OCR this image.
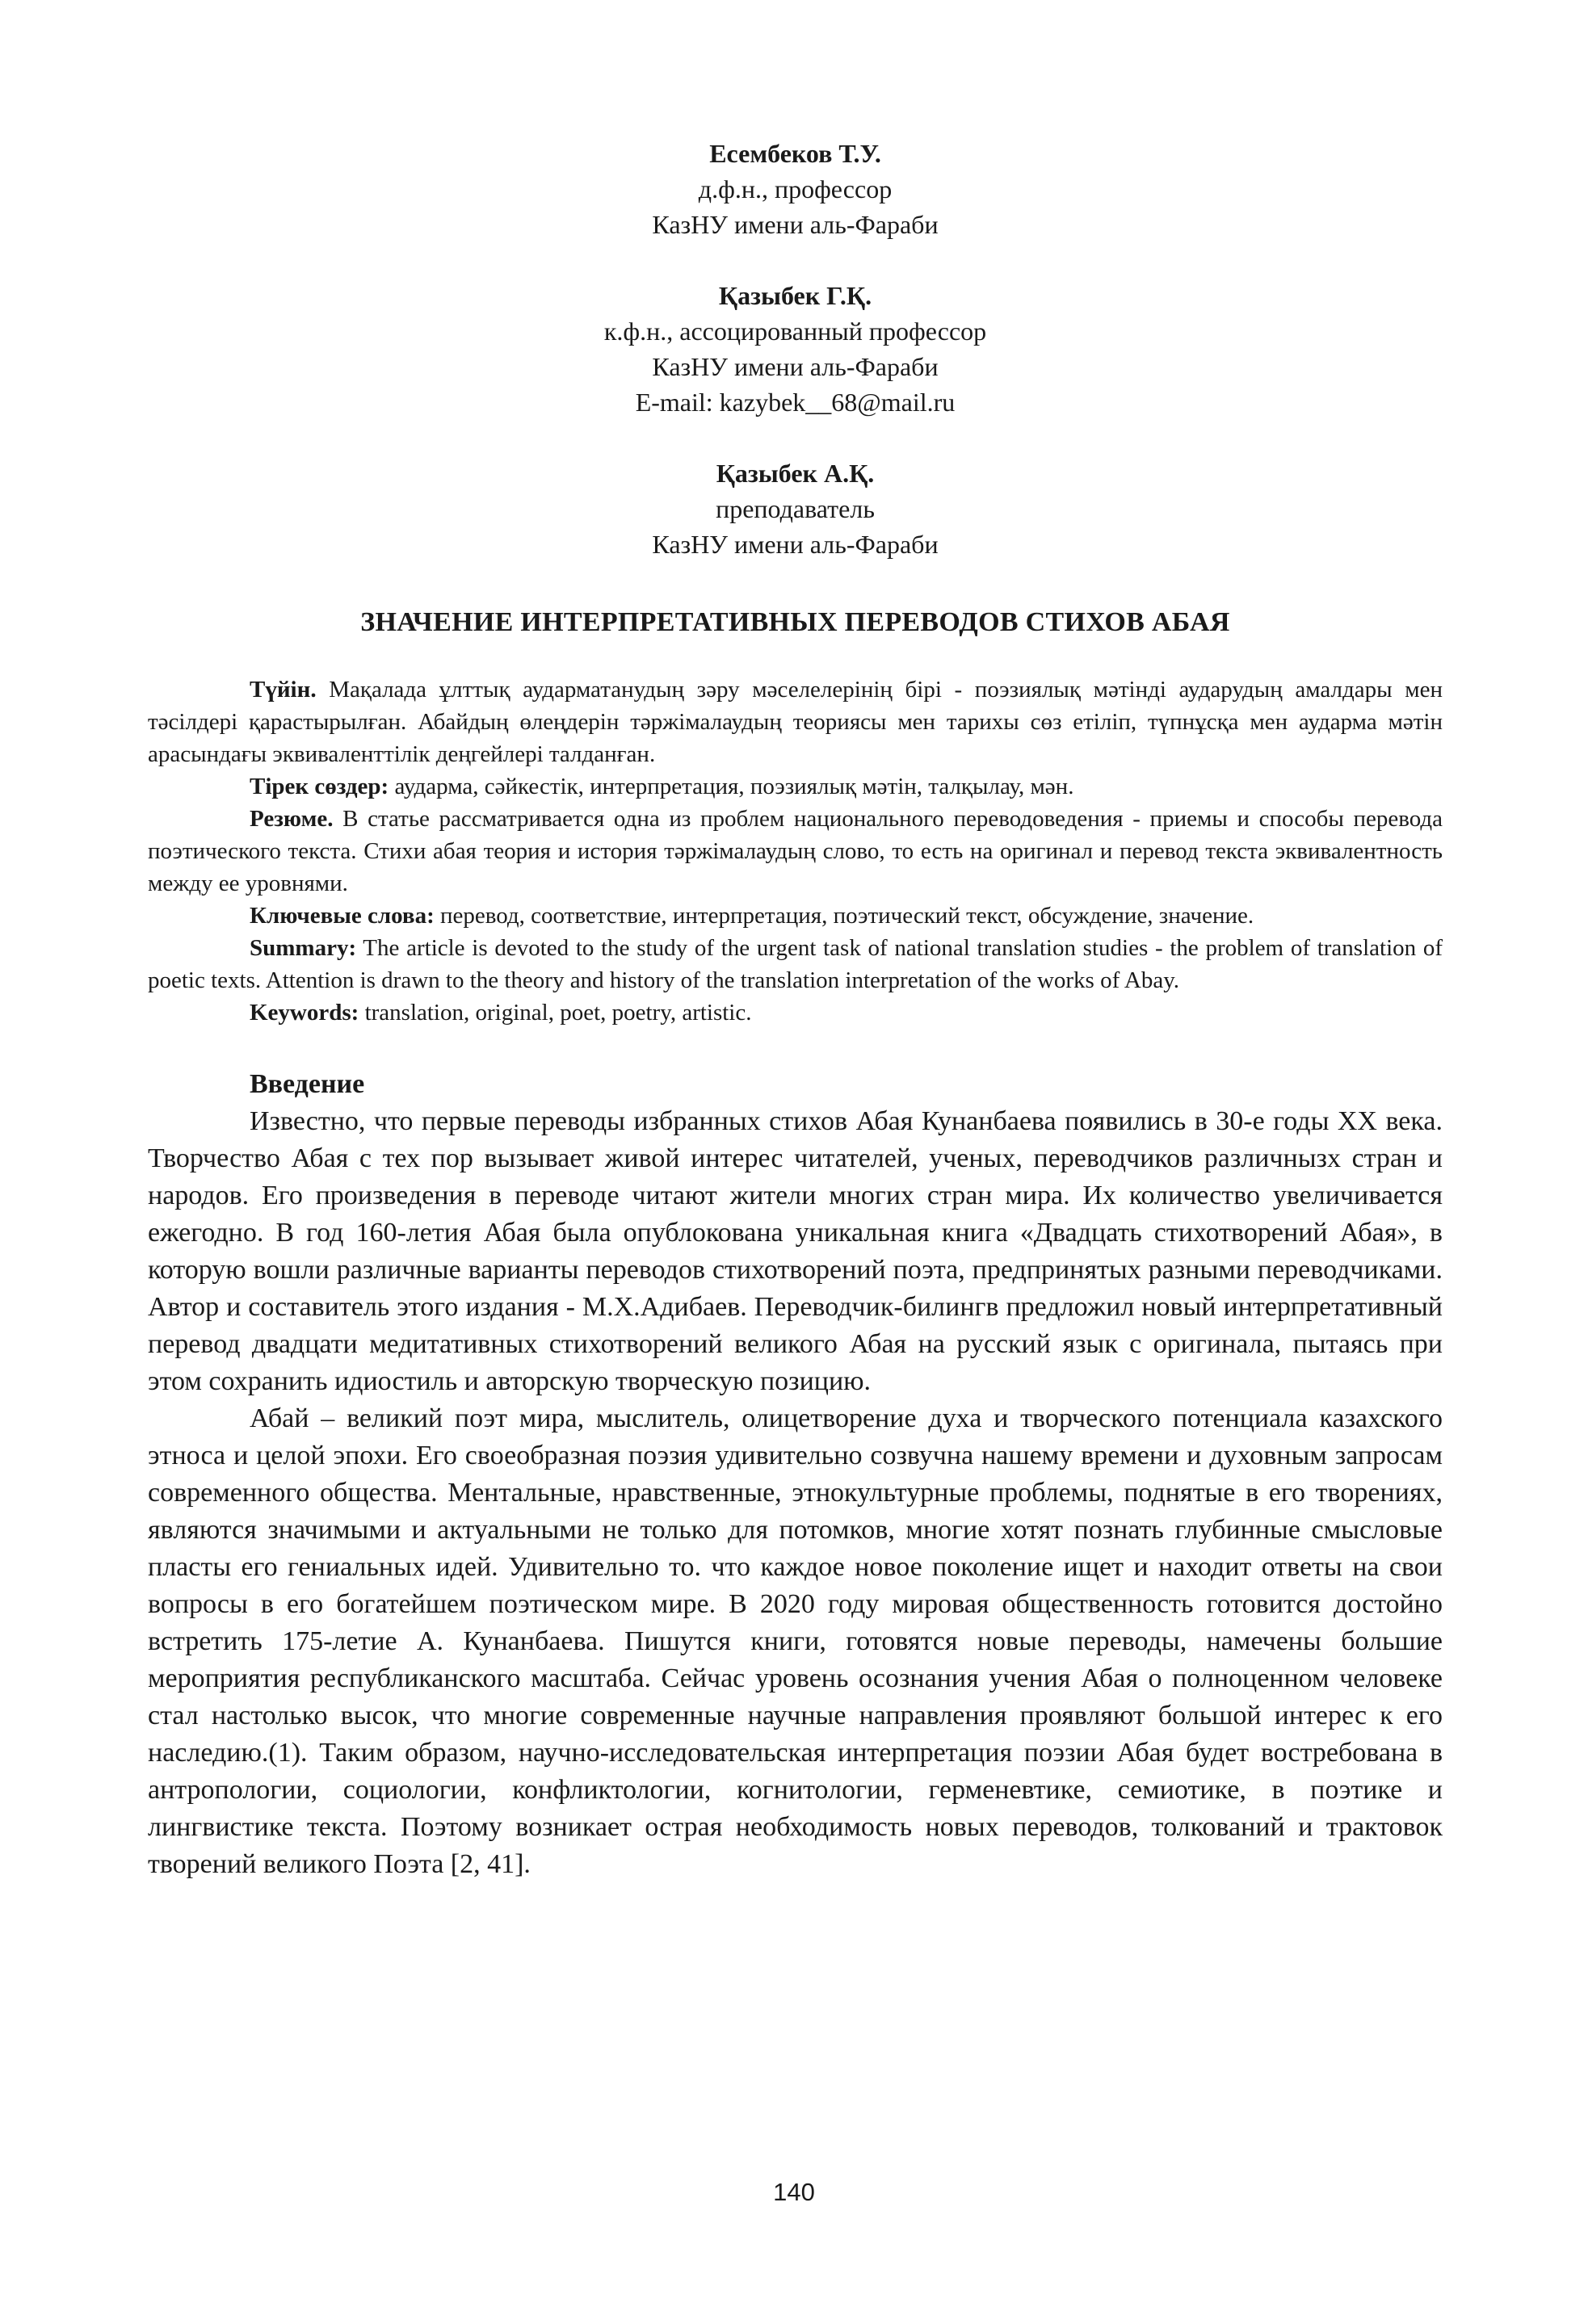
Есембеков Т.У.
д.ф.н., профессор
КазНУ имени аль-Фараби
Қазыбек Г.Қ.
к.ф.н., ассоцированный профессор
КазНУ имени аль-Фараби
E-mail: kazybek__68@mail.ru
Қазыбек А.Қ.
преподаватель
КазНУ имени аль-Фараби
ЗНАЧЕНИЕ ИНТЕРПРЕТАТИВНЫХ ПЕРЕВОДОВ СТИХОВ АБАЯ

Түйін. Мақалада ұлттық аударматанудың зәру мәселелерінің бірі - поэзиялық мәтінді аударудың амалдары мен тәсілдері қарастырылған. Абайдың өлеңдерін тәржімалаудың теориясы мен тарихы сөз етіліп, түпнұсқа мен аударма мәтін арасындағы эквиваленттілік деңгейлері талданған.

Тірек сөздер: аударма, сәйкестік, интерпретация, поэзиялық мәтін, талқылау, мән.

Резюме. В статье рассматривается одна из проблем национального переводоведения - приемы и способы перевода поэтического текста. Стихи абая теория и история тәржімалаудың слово, то есть на оригинал и перевод текста эквивалентность между ее уровнями.

Ключевые слова: перевод, соответствие, интерпретация, поэтический текст, обсуждение, значение.

Summary: The article is devoted to the study of the urgent task of national translation studies - the problem of translation of poetic texts. Attention is drawn to the theory and history of the translation interpretation of the works of Abay.

Keywords: translation, original, poet, poetry, artistic.

Введение

Известно, что первые переводы избранных стихов Абая Кунанбаева появились в 30-е годы XX века. Творчество Абая с тех пор вызывает живой интерес читателей, ученых, переводчиков различнызх стран и народов. Его произведения в переводе читают жители многих стран мира. Их количество увеличивается ежегодно. В год 160-летия Абая была опублокована уникальная книга «Двадцать стихотворений Абая», в которую вошли различные варианты переводов стихотворений поэта, предпринятых разными переводчиками. Автор и составитель этого издания - М.Х.Адибаев. Переводчик-билингв предложил новый интерпретативный перевод двадцати медитативных стихотворений великого Абая на русский язык с оригинала, пытаясь при этом сохранить идиостиль и авторскую творческую позицию.

Абай – великий поэт мира, мыслитель, олицетворение духа и творческого потенциала казахского этноса и целой эпохи. Его своеобразная поэзия удивительно созвучна нашему времени и духовным запросам современного общества. Ментальные, нравственные, этнокультурные проблемы, поднятые в его творениях, являются значимыми и актуальными не только для потомков, многие хотят познать глубинные смысловые пласты его гениальных идей. Удивительно то. что каждое новое поколение ищет и находит ответы на свои вопросы в его богатейшем поэтическом мире. В 2020 году мировая общественность готовится достойно встретить 175-летие А. Кунанбаева. Пишутся книги, готовятся новые переводы, намечены большие мероприятия республиканского масштаба. Сейчас уровень осознания учения Абая о полноценном человеке стал настолько высок, что многие современные научные направления проявляют большой интерес к его наследию.(1). Таким образом, научно-исследовательская интерпретация поэзии Абая будет востребована в антропологии, социологии, конфликтологии, когнитологии, герменевтике, семиотике, в поэтике и лингвистике текста. Поэтому возникает острая необходимость новых переводов, толкований и трактовок творений великого Поэта [2, 41].

140
